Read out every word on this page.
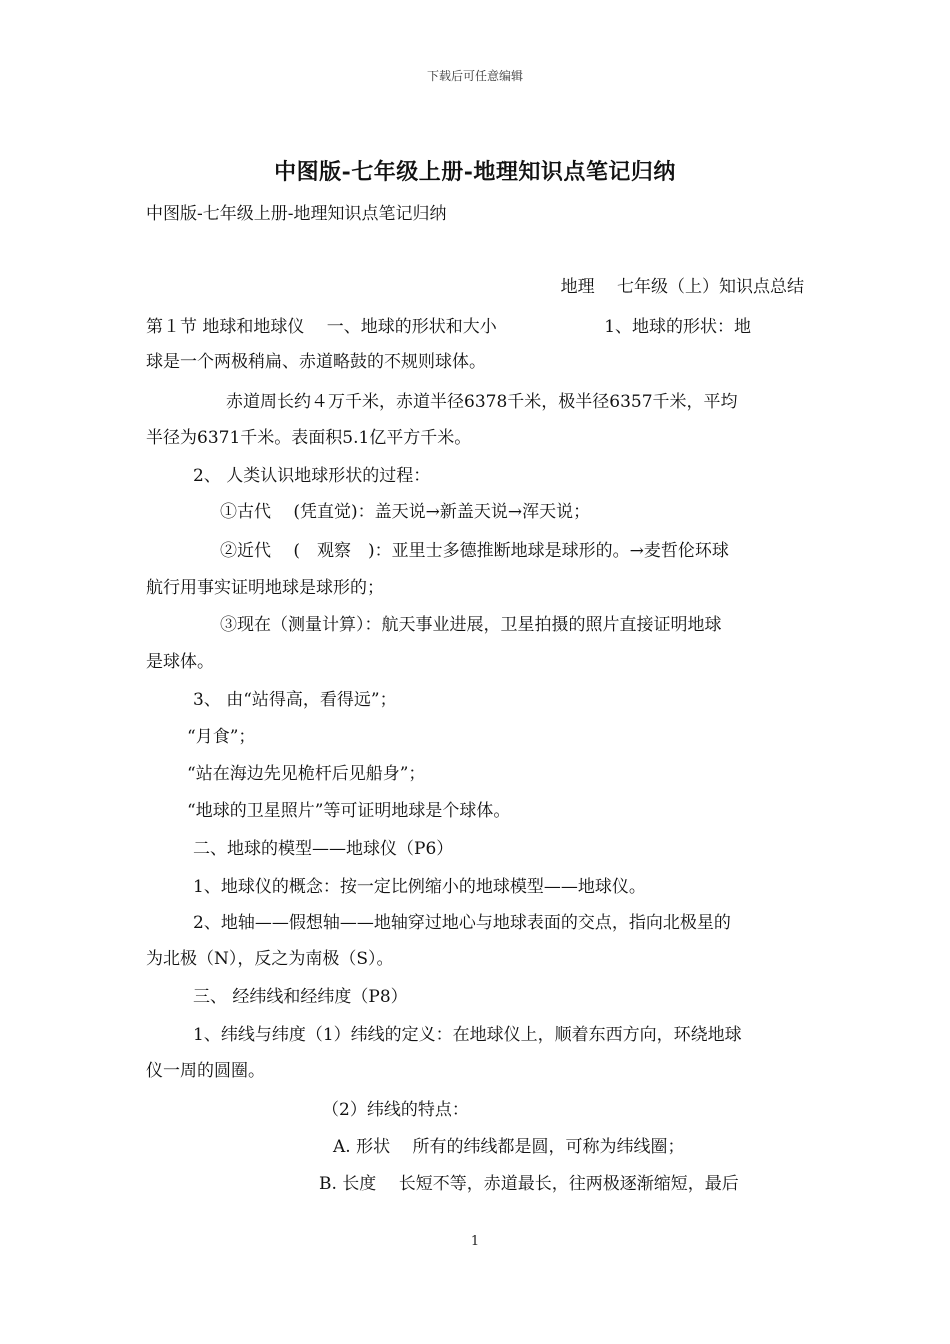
下载后可任意编辑
中图版-七年级上册-地理知识点笔记归纳
中图版-七年级上册-地理知识点笔记归纳
地理　 七年级（上）知识点总结
第１节 地球和地球仪　 一、地球的形状和大小　　　　　　 1、地球的形状：地
球是一个两极稍扁、赤道略鼓的不规则球体。
赤道周长约４万千米，赤道半径6378千米，极半径6357千米，平均
半径为6371千米。表面积5.1亿平方千米。
2、 人类认识地球形状的过程：
①古代 　(凭直觉)：盖天说→新盖天说→浑天说；
②近代　 (　观察　)：亚里士多德推断地球是球形的。→麦哲伦环球
航行用事实证明地球是球形的；
③现在（测量计算）：航天事业进展，卫星拍摄的照片直接证明地球
是球体。
3、 由“站得高，看得远”；
“月食”；
“站在海边先见桅杆后见船身”；
“地球的卫星照片”等可证明地球是个球体。
二、地球的模型——地球仪（P6）
1、地球仪的概念：按一定比例缩小的地球模型——地球仪。
2、地轴——假想轴——地轴穿过地心与地球表面的交点，指向北极星的
为北极（N），反之为南极（S）。
三、 经纬线和经纬度（P8）
1、纬线与纬度（1）纬线的定义：在地球仪上，顺着东西方向，环绕地球
仪一周的圆圈。
（2）纬线的特点：
A. 形状　 所有的纬线都是圆，可称为纬线圈；
B. 长度　 长短不等，赤道最长，往两极逐渐缩短，最后
1
